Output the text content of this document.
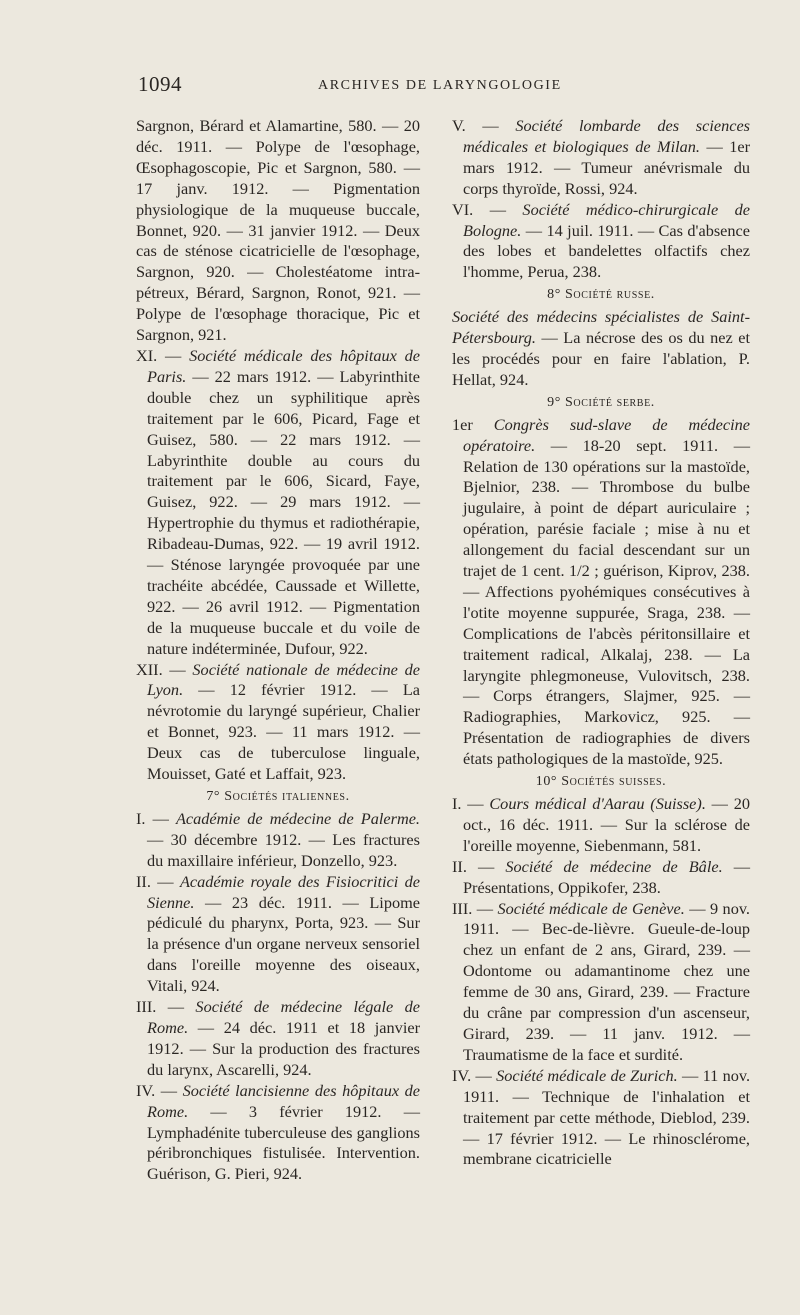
1094	ARCHIVES DE LARYNGOLOGIE

Sargnon, Bérard et Alamartine, 580. — 20 déc. 1911. — Polype de l'œsophage, Œsophagoscopie, Pic et Sargnon, 580. — 17 janv. 1912. — Pigmentation physiologique de la muqueuse buccale, Bonnet, 920. — 31 janvier 1912. — Deux cas de sténose cicatricielle de l'œsophage, Sargnon, 920. — Cholestéatome intra-pétreux, Bérard, Sargnon, Ronot, 921. — Polype de l'œsophage thoracique, Pic et Sargnon, 921.

XI. — Société médicale des hôpitaux de Paris. — 22 mars 1912. — Labyrinthite double chez un syphilitique après traitement par le 606, Picard, Fage et Guisez, 580. — 22 mars 1912. — Labyrinthite double au cours du traitement par le 606, Sicard, Faye, Guisez, 922. — 29 mars 1912. — Hypertrophie du thymus et radiothérapie, Ribadeau-Dumas, 922. — 19 avril 1912. — Sténose laryngée provoquée par une trachéite abcédée, Caussade et Willette, 922. — 26 avril 1912. — Pigmentation de la muqueuse buccale et du voile de nature indéterminée, Dufour, 922.

XII. — Société nationale de médecine de Lyon. — 12 février 1912. — La névrotomie du laryngé supérieur, Chalier et Bonnet, 923. — 11 mars 1912. — Deux cas de tuberculose linguale, Mouisset, Gaté et Laffait, 923.

7° Sociétés italiennes.

I. — Académie de médecine de Palerme. — 30 décembre 1912. — Les fractures du maxillaire inférieur, Donzello, 923.

II. — Académie royale des Fisiocritici de Sienne. — 23 déc. 1911. — Lipome pédiculé du pharynx, Porta, 923. — Sur la présence d'un organe nerveux sensoriel dans l'oreille moyenne des oiseaux, Vitali, 924.

III. — Société de médecine légale de Rome. — 24 déc. 1911 et 18 janvier 1912. — Sur la production des fractures du larynx, Ascarelli, 924.

IV. — Société lancisienne des hôpitaux de Rome. — 3 février 1912. — Lymphadénite tuberculeuse des ganglions péribronchiques fistulisée. Intervention. Guérison, G. Pieri, 924.

V. — Société lombarde des sciences médicales et biologiques de Milan. — 1er mars 1912. — Tumeur anévrismale du corps thyroïde, Rossi, 924.

VI. — Société médico-chirurgicale de Bologne. — 14 juil. 1911. — Cas d'absence des lobes et bandelettes olfactifs chez l'homme, Perua, 238.

8° Société russe.

Société des médecins spécialistes de Saint-Pétersbourg. — La nécrose des os du nez et les procédés pour en faire l'ablation, P. Hellat, 924.

9° Société serbe.

1er Congrès sud-slave de médecine opératoire. — 18-20 sept. 1911. — Relation de 130 opérations sur la mastoïde, Bjelnior, 238. — Thrombose du bulbe jugulaire, à point de départ auriculaire ; opération, parésie faciale ; mise à nu et allongement du facial descendant sur un trajet de 1 cent. 1/2 ; guérison, Kiprov, 238. — Affections pyohémiques consécutives à l'otite moyenne suppurée, Sraga, 238. — Complications de l'abcès péritonsillaire et traitement radical, Alkalaj, 238. — La laryngite phlegmoneuse, Vulovitsch, 238. — Corps étrangers, Slajmer, 925. — Radiographies, Markovicz, 925. — Présentation de radiographies de divers états pathologiques de la mastoïde, 925.

10° Sociétés suisses.

I. — Cours médical d'Aarau (Suisse). — 20 oct., 16 déc. 1911. — Sur la sclérose de l'oreille moyenne, Siebenmann, 581.

II. — Société de médecine de Bâle. — Présentations, Oppikofer, 238.

III. — Société médicale de Genève. — 9 nov. 1911. — Bec-de-lièvre. Gueule-de-loup chez un enfant de 2 ans, Girard, 239. — Odontome ou adamantinome chez une femme de 30 ans, Girard, 239. — Fracture du crâne par compression d'un ascenseur, Girard, 239. — 11 janv. 1912. — Traumatisme de la face et surdité.

IV. — Société médicale de Zurich. — 11 nov. 1911. — Technique de l'inhalation et traitement par cette méthode, Dieblod, 239. — 17 février 1912. — Le rhinosclérome, membrane cicatricielle
